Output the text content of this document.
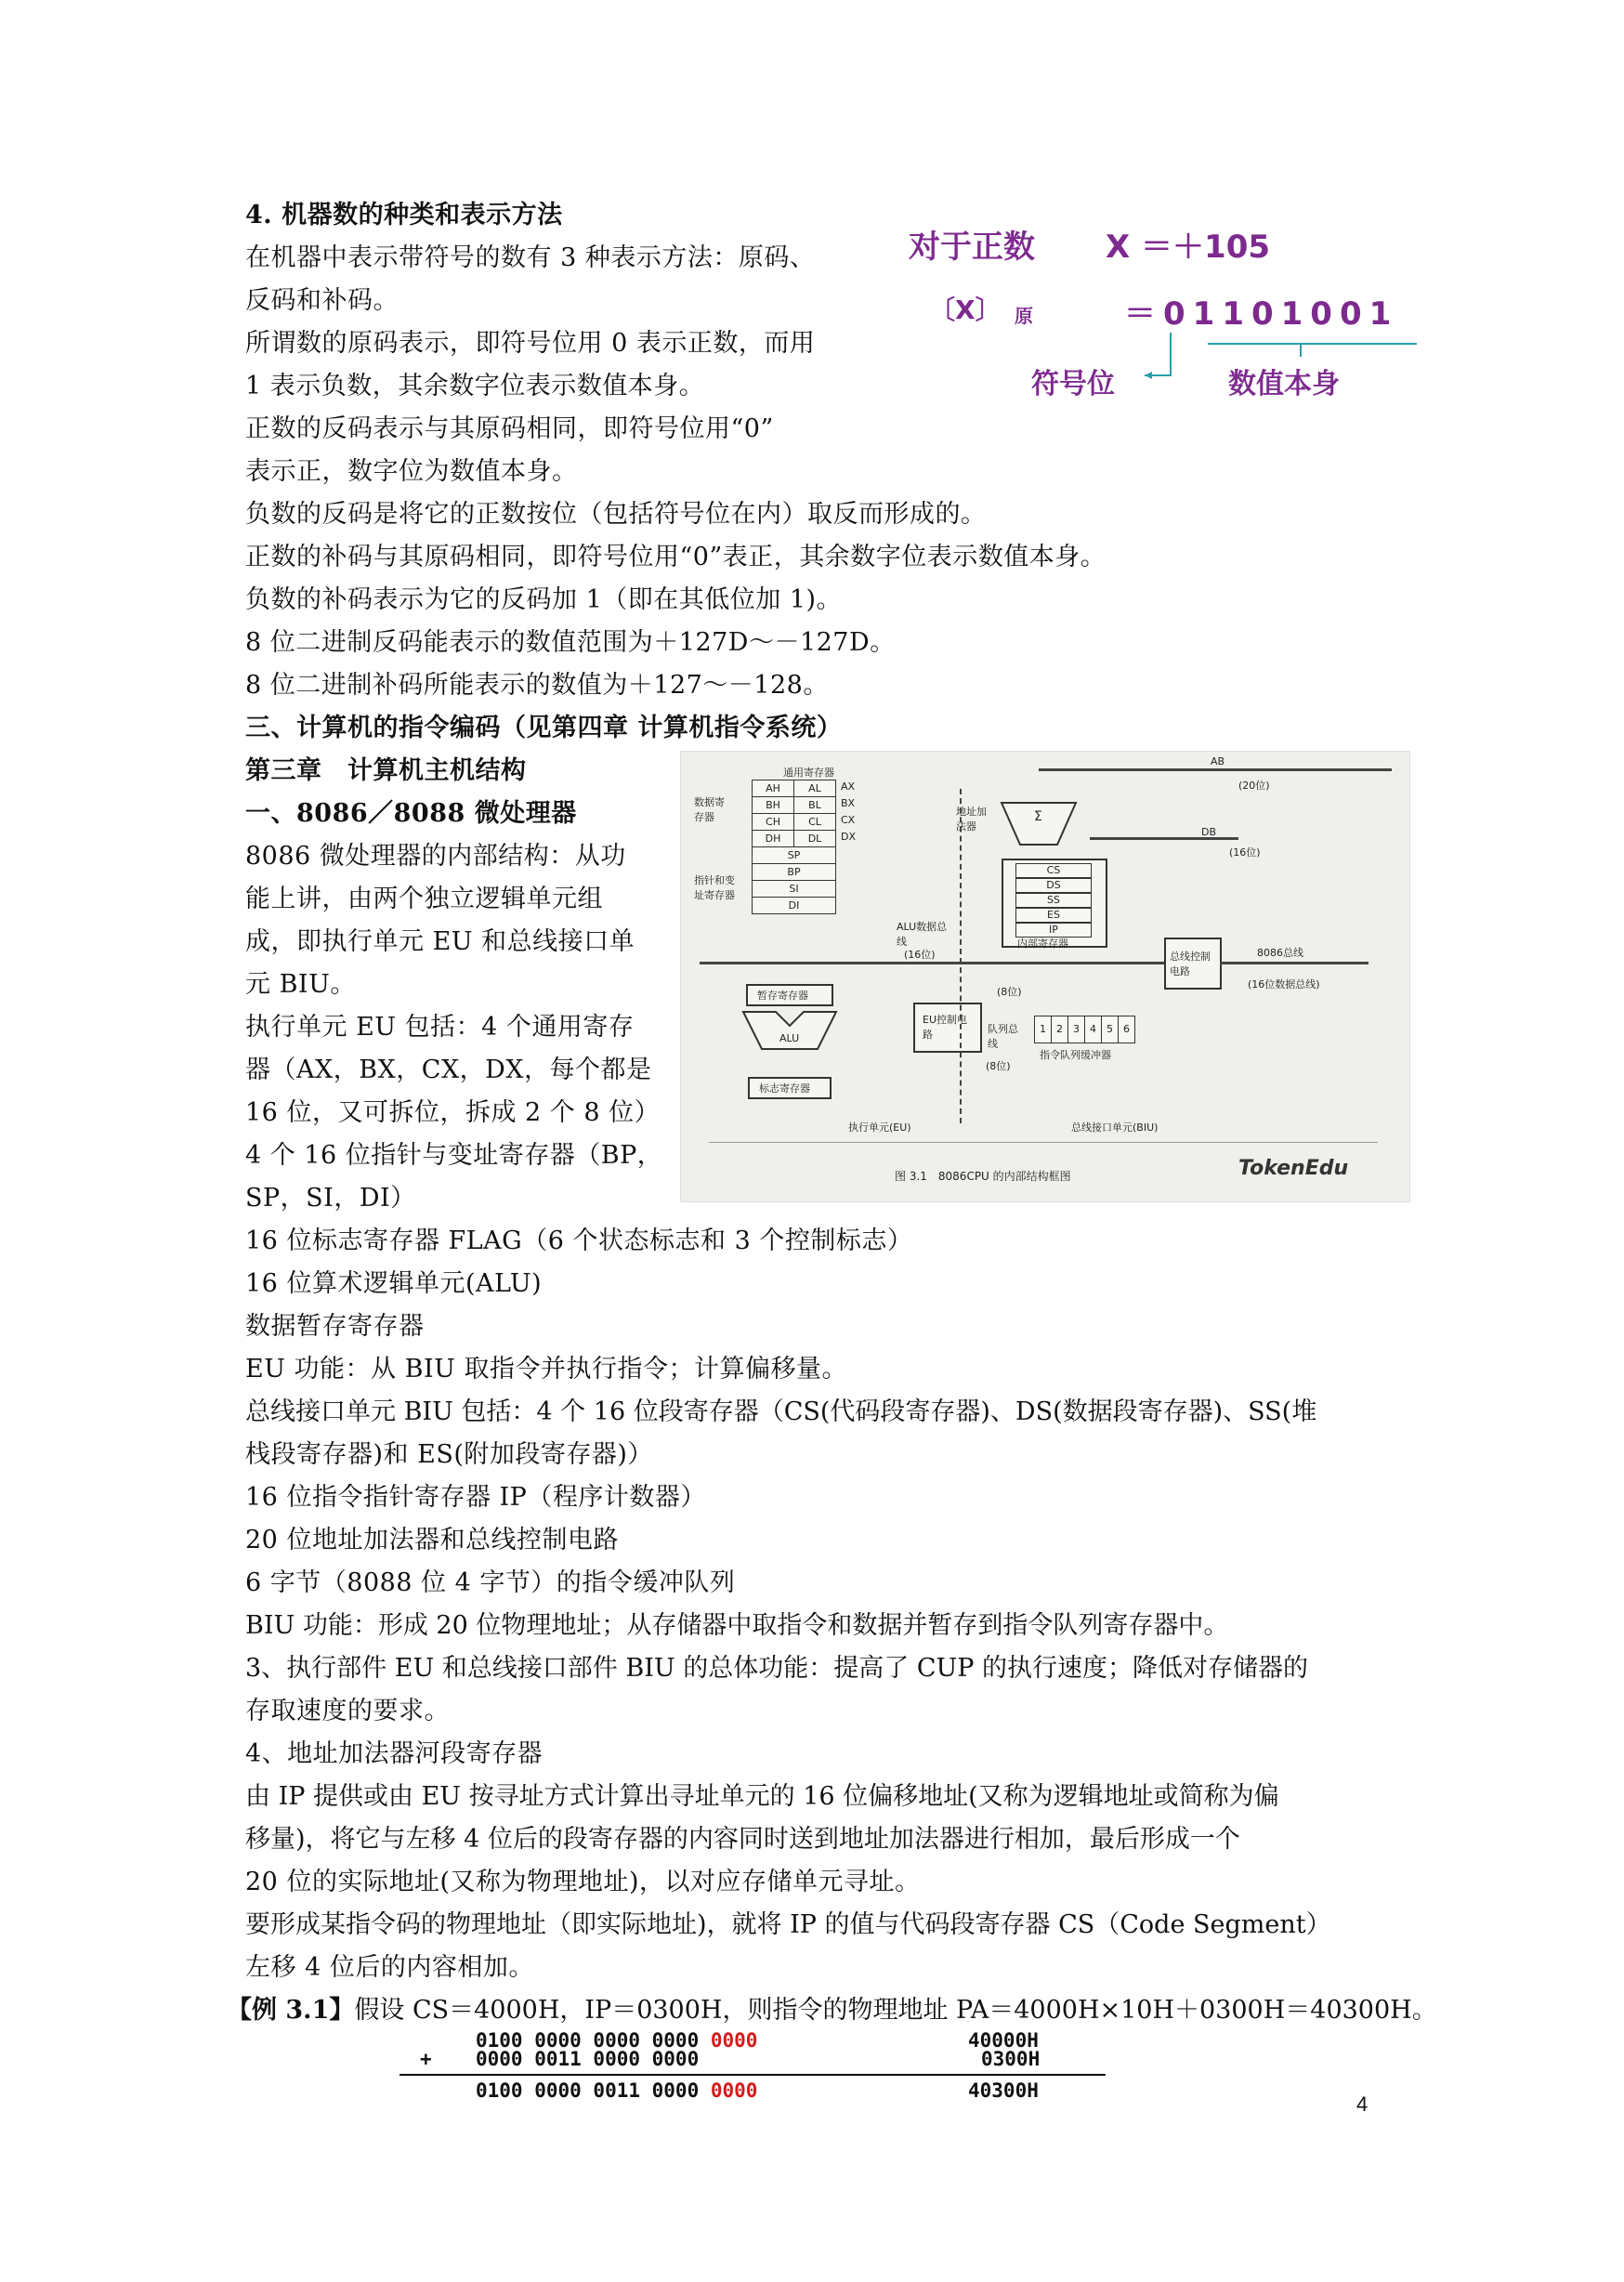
4. 机器数的种类和表示方法
在机器中表示带符号的数有 3 种表示方法：原码、
反码和补码。
所谓数的原码表示，即符号位用 0 表示正数，而用
1 表示负数，其余数字位表示数值本身。
正数的反码表示与其原码相同，即符号位用“0”
表示正，数字位为数值本身。
负数的反码是将它的正数按位（包括符号位在内）取反而形成的。
正数的补码与其原码相同，即符号位用“0”表正，其余数字位表示数值本身。
负数的补码表示为它的反码加 1（即在其低位加 1)。
8 位二进制反码能表示的数值范围为＋127D～－127D。
8 位二进制补码所能表示的数值为＋127～－128。
对于正数 X ＝＋105
〔X〕 原	＝01101001
符号位	数值本身
三、计算机的指令编码（见第四章 计算机指令系统）
第三章　计算机主机结构
一、8086／8088 微处理器
8086 微处理器的内部结构：从功
能上讲，由两个独立逻辑单元组
成，即执行单元 EU 和总线接口单
元 BIU。
执行单元 EU 包括：4 个通用寄存
器（AX，BX，CX，DX，每个都是
16 位，又可拆位，拆成 2 个 8 位）
4 个 16 位指针与变址寄存器（BP，
SP，SI，DI）
通用寄存器
数据寄存器
指针和变址寄存器
AH	AL
BH	BL
CH	CL
DH	DL
AX
BX
CX
DX
SP
BP
SI
DI
地址加法器
Σ
AB
(20位)
DB
(16位)
CS
DS
SS
ES
IP
内部寄存器
ALU数据总线
(16位)	总线控制电路
8086总线
(16位数据总线)
暂存寄存器
ALU
标志寄存器
EU控制电路	队列总线
(8位)
(8位)
1	2	3	4	5	6
指令队列缓冲器
执行单元(EU)	总线接口单元(BIU)
图 3.1　8086CPU 的内部结构框图	TokenEdu
16 位标志寄存器 FLAG（6 个状态标志和 3 个控制标志）
16 位算术逻辑单元(ALU)
数据暂存寄存器
EU 功能：从 BIU 取指令并执行指令；计算偏移量。
总线接口单元 BIU 包括：4 个 16 位段寄存器（CS(代码段寄存器)、DS(数据段寄存器)、SS(堆
栈段寄存器)和 ES(附加段寄存器)）
16 位指令指针寄存器 IP（程序计数器）
20 位地址加法器和总线控制电路
6 字节（8088 位 4 字节）的指令缓冲队列
BIU 功能：形成 20 位物理地址；从存储器中取指令和数据并暂存到指令队列寄存器中。
3、执行部件 EU 和总线接口部件 BIU 的总体功能：提高了 CUP 的执行速度；降低对存储器的
存取速度的要求。
4、地址加法器河段寄存器
由 IP 提供或由 EU 按寻址方式计算出寻址单元的 16 位偏移地址(又称为逻辑地址或简称为偏
移量)，将它与左移 4 位后的段寄存器的内容同时送到地址加法器进行相加，最后形成一个
20 位的实际地址(又称为物理地址)，以对应存储单元寻址。
要形成某指令码的物理地址（即实际地址)，就将 IP 的值与代码段寄存器 CS（Code Segment）
左移 4 位后的内容相加。
【例 3.1】假设 CS＝4000H，IP＝0300H，则指令的物理地址 PA＝4000H×10H＋0300H＝40300H。
0100 0000 0000 0000 0000	40000H
+ 0000 0011 0000 0000	0300H
0100 0000 0011 0000 0000	40300H
4
